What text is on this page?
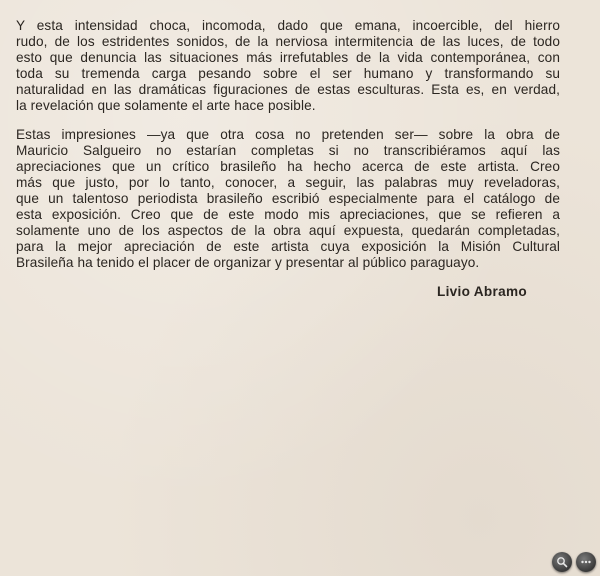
Y esta intensidad choca, incomoda, dado que emana, incoercible, del hierro
rudo, de los estridentes sonidos, de la nerviosa intermitencia de las luces, de todo
esto que denuncia las situaciones más irrefutables de la vida contemporánea, con
toda su tremenda carga pesando sobre el ser humano y transformando su
naturalidad en las dramáticas figuraciones de estas esculturas. Esta es, en verdad,
la revelación que solamente el arte hace posible.

Estas impresiones —ya que otra cosa no pretenden ser— sobre la obra de
Mauricio Salgueiro no estarían completas si no transcribiéramos aquí las
apreciaciones que un crítico brasileño ha hecho acerca de este artista. Creo
más que justo, por lo tanto, conocer, a seguir, las palabras muy reveladoras,
que un talentoso periodista brasileño escribió especialmente para el catálogo de
esta exposición. Creo que de este modo mis apreciaciones, que se refieren a
solamente uno de los aspectos de la obra aquí expuesta, quedarán completadas,
para la mejor apreciación de este artista cuya exposición la Misión Cultural
Brasileña ha tenido el placer de organizar y presentar al público paraguayo.

Livio Abramo
